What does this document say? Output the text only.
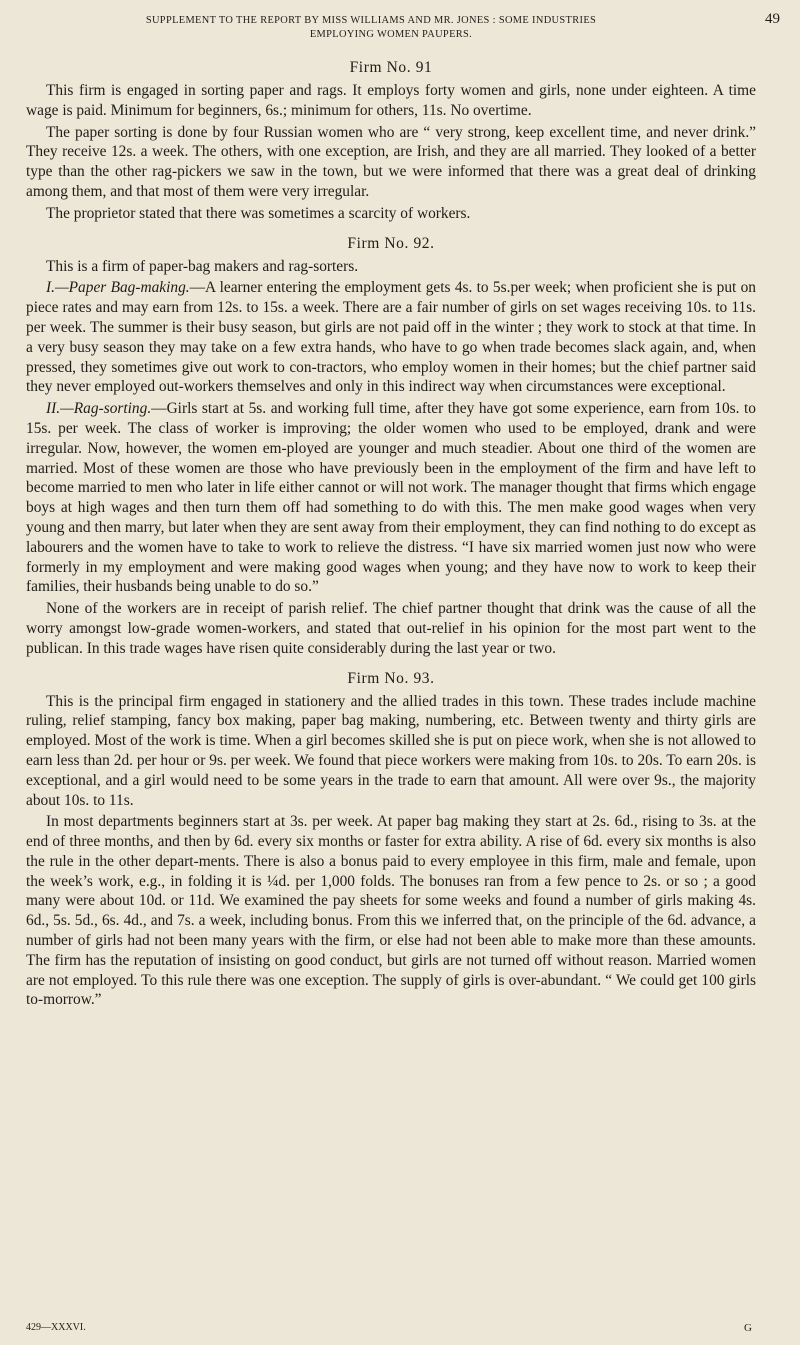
SUPPLEMENT TO THE REPORT BY MISS WILLIAMS AND MR. JONES : SOME INDUSTRIES
EMPLOYING WOMEN PAUPERS.
49
Firm No. 91

This firm is engaged in sorting paper and rags. It employs forty women and girls, none under eighteen. A time wage is paid. Minimum for beginners, 6s.; minimum for others, 11s. No overtime.

The paper sorting is done by four Russian women who are “ very strong, keep excellent time, and never drink.” They receive 12s. a week. The others, with one exception, are Irish, and they are all married. They looked of a better type than the other rag-pickers we saw in the town, but we were informed that there was a great deal of drinking among them, and that most of them were very irregular.

The proprietor stated that there was sometimes a scarcity of workers.

Firm No. 92.

This is a firm of paper-bag makers and rag-sorters.

I.—Paper Bag-making.—A learner entering the employment gets 4s. to 5s.per week; when proficient she is put on piece rates and may earn from 12s. to 15s. a week. There are a fair number of girls on set wages receiving 10s. to 11s. per week. The summer is their busy season, but girls are not paid off in the winter ; they work to stock at that time. In a very busy season they may take on a few extra hands, who have to go when trade becomes slack again, and, when pressed, they sometimes give out work to con-tractors, who employ women in their homes; but the chief partner said they never employed out-workers themselves and only in this indirect way when circumstances were exceptional.

II.—Rag-sorting.—Girls start at 5s. and working full time, after they have got some experience, earn from 10s. to 15s. per week. The class of worker is improving; the older women who used to be employed, drank and were irregular. Now, however, the women em-ployed are younger and much steadier. About one third of the women are married. Most of these women are those who have previously been in the employment of the firm and have left to become married to men who later in life either cannot or will not work. The manager thought that firms which engage boys at high wages and then turn them off had something to do with this. The men make good wages when very young and then marry, but later when they are sent away from their employment, they can find nothing to do except as labourers and the women have to take to work to relieve the distress. “I have six married women just now who were formerly in my employment and were making good wages when young; and they have now to work to keep their families, their husbands being unable to do so.”

None of the workers are in receipt of parish relief. The chief partner thought that drink was the cause of all the worry amongst low-grade women-workers, and stated that out-relief in his opinion for the most part went to the publican. In this trade wages have risen quite considerably during the last year or two.

Firm No. 93.

This is the principal firm engaged in stationery and the allied trades in this town. These trades include machine ruling, relief stamping, fancy box making, paper bag making, numbering, etc. Between twenty and thirty girls are employed. Most of the work is time. When a girl becomes skilled she is put on piece work, when she is not allowed to earn less than 2d. per hour or 9s. per week. We found that piece workers were making from 10s. to 20s. To earn 20s. is exceptional, and a girl would need to be some years in the trade to earn that amount. All were over 9s., the majority about 10s. to 11s.

In most departments beginners start at 3s. per week. At paper bag making they start at 2s. 6d., rising to 3s. at the end of three months, and then by 6d. every six months or faster for extra ability. A rise of 6d. every six months is also the rule in the other depart-ments. There is also a bonus paid to every employee in this firm, male and female, upon the week’s work, e.g., in folding it is ¼d. per 1,000 folds. The bonuses ran from a few pence to 2s. or so ; a good many were about 10d. or 11d. We examined the pay sheets for some weeks and found a number of girls making 4s. 6d., 5s. 5d., 6s. 4d., and 7s. a week, including bonus. From this we inferred that, on the principle of the 6d. advance, a number of girls had not been many years with the firm, or else had not been able to make more than these amounts. The firm has the reputation of insisting on good conduct, but girls are not turned off without reason. Married women are not employed. To this rule there was one exception. The supply of girls is over-abundant. “ We could get 100 girls to-morrow.”

429—XXXVI.	G
